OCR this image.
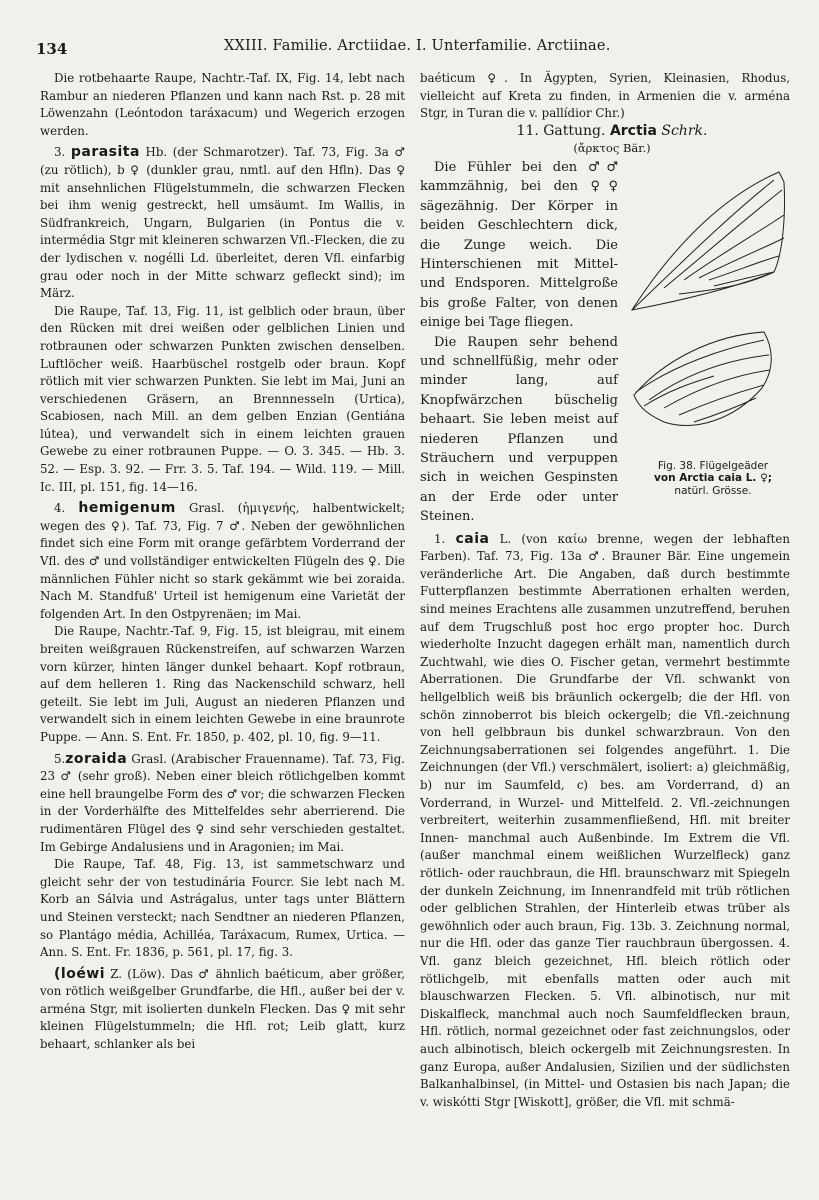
134	XXIII. Familie. Arctiidae. I. Unterfamilie. Arctiinae.

Die rotbehaarte Raupe, Nachtr.-Taf. IX, Fig. 14, lebt nach Rambur an niederen Pflanzen und kann nach Rst. p. 28 mit Löwenzahn (Leóntodon taráxacum) und Wegerich erzogen werden.

3. parasita Hb. (der Schmarotzer). Taf. 73, Fig. 3a ♂ (zu rötlich), b ♀ (dunkler grau, nmtl. auf den Hfln). Das ♀ mit ansehnlichen Flügelstummeln, die schwarzen Flecken bei ihm wenig gestreckt, hell umsäumt. Im Wallis, in Südfrankreich, Ungarn, Bulgarien (in Pontus die v. intermédia Stgr mit kleineren schwarzen Vfl.-Flecken, die zu der lydischen v. nogélli Ld. überleitet, deren Vfl. einfarbig grau oder noch in der Mitte schwarz gefleckt sind); im März.

Die Raupe, Taf. 13, Fig. 11, ist gelblich oder braun, über den Rücken mit drei weißen oder gelblichen Linien und rotbraunen oder schwarzen Punkten zwischen denselben. Luftlöcher weiß. Haarbüschel rostgelb oder braun. Kopf rötlich mit vier schwarzen Punkten. Sie lebt im Mai, Juni an verschiedenen Gräsern, an Brennnesseln (Urtica), Scabiosen, nach Mill. an dem gelben Enzian (Gentiána lútea), und verwandelt sich in einem leichten grauen Gewebe zu einer rotbraunen Puppe. — O. 3. 345. — Hb. 3. 52. — Esp. 3. 92. — Frr. 3. 5. Taf. 194. — Wild. 119. — Mill. Ic. III, pl. 151, fig. 14—16.

4. hemigenum Grasl. (ἡμιγενής, halbentwickelt; wegen des ♀). Taf. 73, Fig. 7 ♂. Neben der gewöhnlichen findet sich eine Form mit orange gefärbtem Vorderrand der Vfl. des ♂ und vollständiger entwickelten Flügeln des ♀. Die männlichen Fühler nicht so stark gekämmt wie bei zoraida. Nach M. Standfuß' Urteil ist hemigenum eine Varietät der folgenden Art. In den Ostpyrenäen; im Mai.

Die Raupe, Nachtr.-Taf. 9, Fig. 15, ist bleigrau, mit einem breiten weißgrauen Rückenstreifen, auf schwarzen Warzen vorn kürzer, hinten länger dunkel behaart. Kopf rotbraun, auf dem helleren 1. Ring das Nackenschild schwarz, hell geteilt. Sie lebt im Juli, August an niederen Pflanzen und verwandelt sich in einem leichten Gewebe in eine braunrote Puppe. — Ann. S. Ent. Fr. 1850, p. 402, pl. 10, fig. 9—11.

5.zoraida Grasl. (Arabischer Frauenname). Taf. 73, Fig. 23 ♂ (sehr groß). Neben einer bleich rötlichgelben kommt eine hell braungelbe Form des ♂ vor; die schwarzen Flecken in der Vorderhälfte des Mittelfeldes sehr aberrierend. Die rudimentären Flügel des ♀ sind sehr verschieden gestaltet. Im Gebirge Andalusiens und in Aragonien; im Mai.

Die Raupe, Taf. 48, Fig. 13, ist sammetschwarz und gleicht sehr der von testudinária Fourcr. Sie lebt nach M. Korb an Sálvia und Astrágalus, unter tags unter Blättern und Steinen versteckt; nach Sendtner an niederen Pflanzen, so Plantágo média, Achilléa, Taráxacum, Rumex, Urtica. — Ann. S. Ent. Fr. 1836, p. 561, pl. 17, fig. 3.

(loéwi Z. (Löw). Das ♂ ähnlich baéticum, aber größer, von rötlich weißgelber Grundfarbe, die Hfl., außer bei der v. arména Stgr, mit isolierten dunkeln Flecken. Das ♀ mit sehr kleinen Flügelstummeln; die Hfl. rot; Leib glatt, kurz behaart, schlanker als bei

baéticum ♀. In Ägypten, Syrien, Kleinasien, Rhodus, vielleicht auf Kreta zu finden, in Armenien die v. arména Stgr, in Turan die v. pallídior Chr.)

11. Gattung. Arctia Schrk.

(ἄρκτος Bär.)

Fig. 38. Flügelgeäder
von Arctia caia L. ♀;
natürl. Grösse.

Die Fühler bei den ♂♂ kammzähnig, bei den ♀♀ sägezähnig. Der Körper in beiden Geschlechtern dick, die Zunge weich. Die Hinterschienen mit Mittel- und Endsporen. Mittelgroße bis große Falter, von denen einige bei Tage fliegen.

Die Raupen sehr behend und schnellfüßig, mehr oder minder lang, auf Knopfwärzchen büschelig behaart. Sie leben meist auf niederen Pflanzen und Sträuchern und verpuppen sich in weichen Gespinsten an der Erde oder unter Steinen.

1. caia L. (von καίω brenne, wegen der lebhaften Farben). Taf. 73, Fig. 13a ♂. Brauner Bär. Eine ungemein veränderliche Art. Die Angaben, daß durch bestimmte Futterpflanzen bestimmte Aberrationen erhalten werden, sind meines Erachtens alle zusammen unzutreffend, beruhen auf dem Trugschluß post hoc ergo propter hoc. Durch wiederholte Inzucht dagegen erhält man, namentlich durch Zuchtwahl, wie dies O. Fischer getan, vermehrt bestimmte Aberrationen. Die Grundfarbe der Vfl. schwankt von hellgelblich weiß bis bräunlich ockergelb; die der Hfl. von schön zinnoberrot bis bleich ockergelb; die Vfl.-zeichnung von hell gelbbraun bis dunkel schwarzbraun. Von den Zeichnungsaberrationen sei folgendes angeführt. 1. Die Zeichnungen (der Vfl.) verschmälert, isoliert: a) gleichmäßig, b) nur im Saumfeld, c) bes. am Vorderrand, d) an Vorderrand, in Wurzel- und Mittelfeld. 2. Vfl.-zeichnungen verbreitert, weiterhin zusammenfließend, Hfl. mit breiter Innen- manchmal auch Außenbinde. Im Extrem die Vfl. (außer manchmal einem weißlichen Wurzelfleck) ganz rötlich- oder rauchbraun, die Hfl. braunschwarz mit Spiegeln der dunkeln Zeichnung, im Innenrandfeld mit trüb rötlichen oder gelblichen Strahlen, der Hinterleib etwas trüber als gewöhnlich oder auch braun, Fig. 13b. 3. Zeichnung normal, nur die Hfl. oder das ganze Tier rauchbraun übergossen. 4. Vfl. ganz bleich gezeichnet, Hfl. bleich rötlich oder rötlichgelb, mit ebenfalls matten oder auch mit blauschwarzen Flecken. 5. Vfl. albinotisch, nur mit Diskalfleck, manchmal auch noch Saumfeldflecken braun, Hfl. rötlich, normal gezeichnet oder fast zeichnungslos, oder auch albinotisch, bleich ockergelb mit Zeichnungsresten. In ganz Europa, außer Andalusien, Sizilien und der südlichsten Balkanhalbinsel, (in Mittel- und Ostasien bis nach Japan; die v. wiskótti Stgr [Wiskott], größer, die Vfl. mit schmä-
